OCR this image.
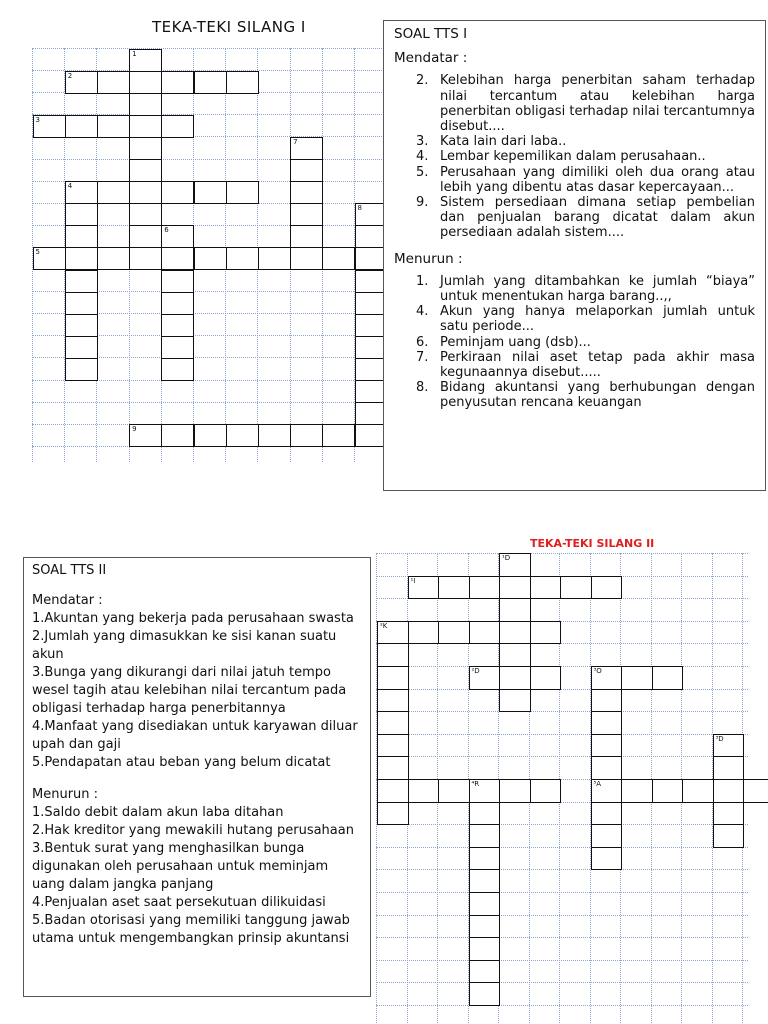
TEKA-TEKI SILANG I
2
3
1
4
7
6
5
8
9

SOAL TTS I

Mendatar :

2. Kelebihan harga penerbitan saham terhadap nilai tercantum atau kelebihan harga penerbitan obligasi terhadap nilai tercantumnya disebut....
3. Kata lain dari laba..
4. Lembar kepemilikan dalam perusahaan..
5. Perusahaan yang dimiliki oleh dua orang atau lebih yang dibentu atas dasar kepercayaan...
9. Sistem persediaan dimana setiap pembelian dan penjualan barang dicatat dalam akun persediaan adalah sistem....

Menurun :

1. Jumlah yang ditambahkan ke jumlah “biaya” untuk menentukan harga barang..,,
4. Akun yang hanya melaporkan jumlah untuk satu periode...
6. Peminjam uang (dsb)...
7. Perkiraan nilai aset tetap pada akhir masa kegunaannya disebut.....
8. Bidang akuntansi yang berhubungan dengan penyusutan rencana keuangan
TEKA-TEKI SILANG II
¹D
¹I
²K
²D	³O
⁴R	⁵A
³D

SOAL TTS II

Mendatar :

1.Akuntan yang bekerja pada perusahaan swasta

2.Jumlah yang dimasukkan ke sisi kanan suatu akun

3.Bunga yang dikurangi dari nilai jatuh tempo wesel tagih atau kelebihan nilai tercantum pada obligasi terhadap harga penerbitannya

4.Manfaat yang disediakan untuk karyawan diluar upah dan gaji

5.Pendapatan atau beban yang belum dicatat

Menurun :

1.Saldo debit dalam akun laba ditahan

2.Hak kreditor yang mewakili hutang perusahaan

3.Bentuk surat yang menghasilkan bunga digunakan oleh perusahaan untuk meminjam uang dalam jangka panjang

4.Penjualan aset saat persekutuan dilikuidasi

5.Badan otorisasi yang memiliki tanggung jawab utama untuk mengembangkan prinsip akuntansi
